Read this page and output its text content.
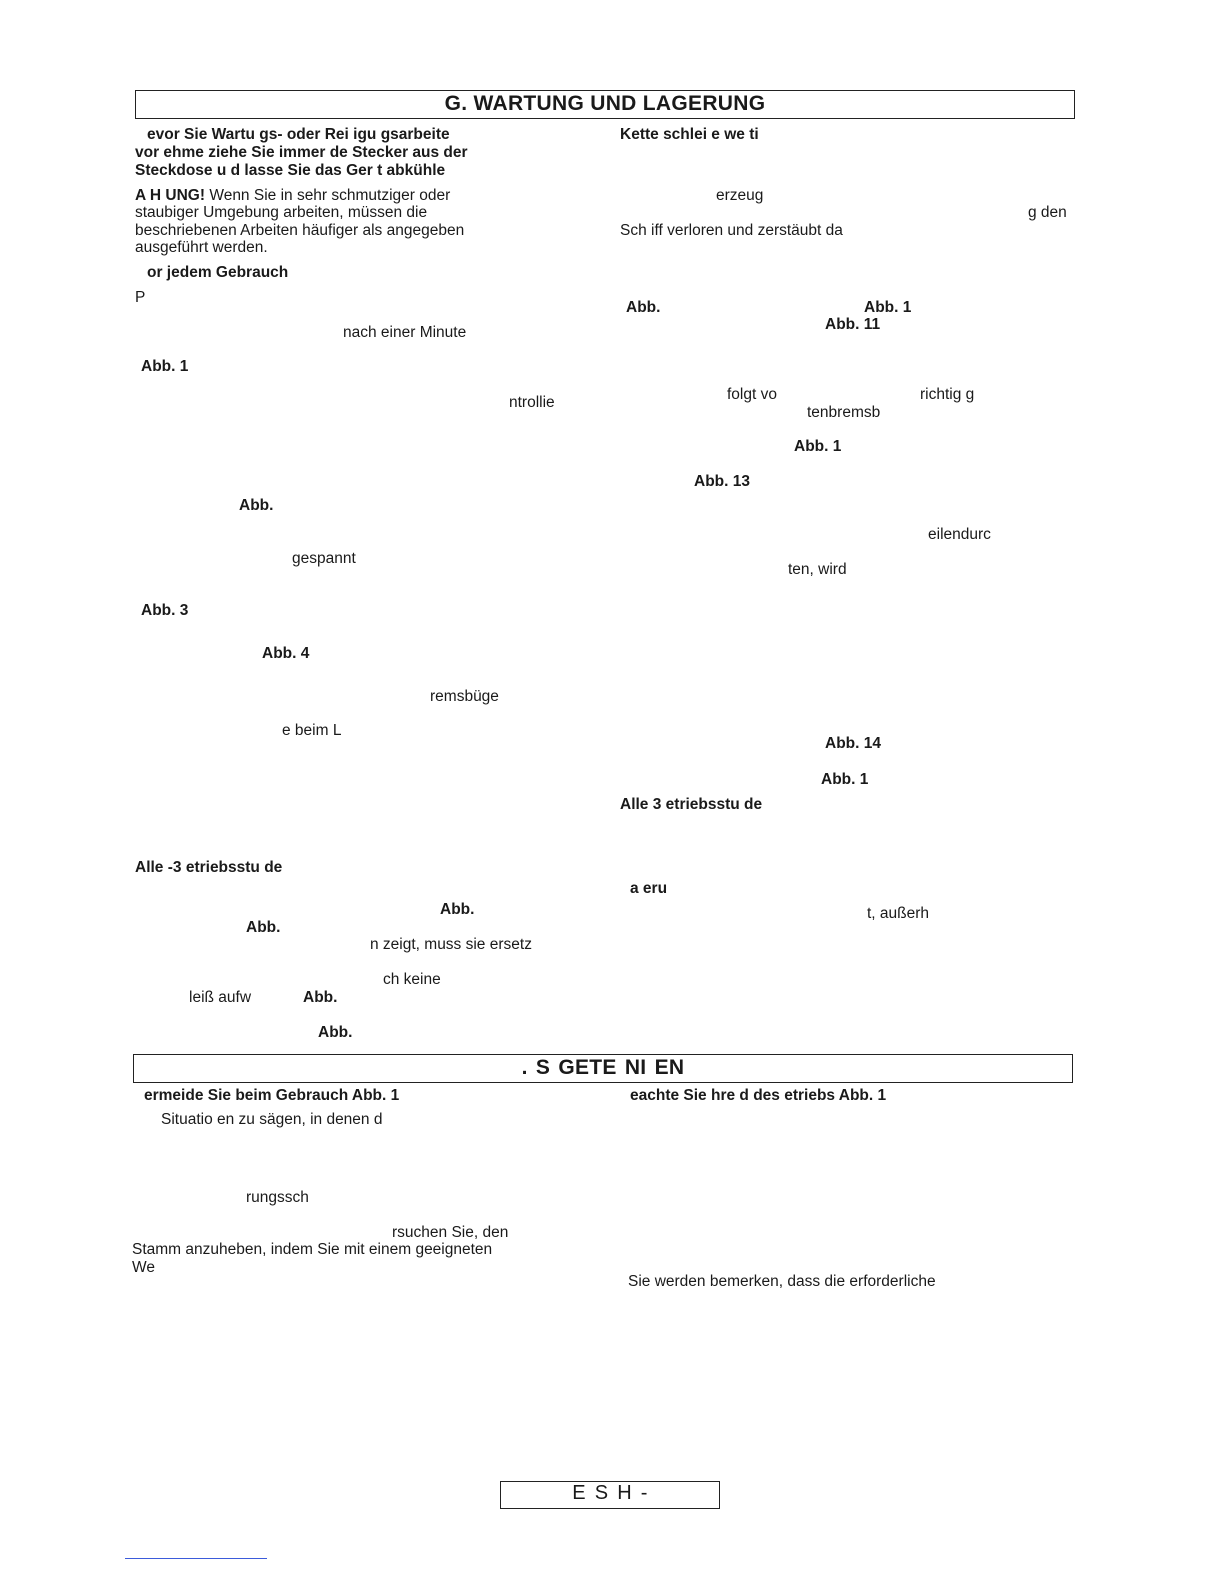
G. WARTUNG UND LAGERUNG
evor Sie Wartu gs- oder Rei igu gsarbeite
vor ehme ziehe Sie immer de Stecker aus der
Steckdose u d lasse Sie das Ger t abkühle
A H UNG! Wenn Sie in sehr schmutziger oder
staubiger Umgebung arbeiten, müssen die
beschriebenen Arbeiten häufiger als angegeben
ausgeführt werden.
or jedem Gebrauch
P
nach einer Minute
Abb. 1
ntrollie
Abb.
gespannt
Abb. 3
Abb. 4
remsbüge
e beim L
Alle -3 etriebsstu de
Abb.
Abb.
n zeigt, muss sie ersetz
ch keine
leiß aufw	Abb.
Abb.
Kette schlei e we ti
erzeug
g den
Sch iff verloren und zerstäubt da
Abb.	Abb. 1
Abb. 11
folgt vo	richtig g
tenbremsb
Abb. 1
Abb. 13
eilendurc
ten, wird
Abb. 14
Abb. 1
Alle 3 etriebsstu de
a eru
t, außerh
. S GETE NI EN
ermeide Sie beim Gebrauch Abb. 1
Situatio en zu sägen, in denen d
rungssch
rsuchen Sie, den
Stamm anzuheben, indem Sie mit einem geeigneten
We
eachte Sie hre d des etriebs Abb. 1
Sie werden bemerken, dass die erforderliche
E S H -
